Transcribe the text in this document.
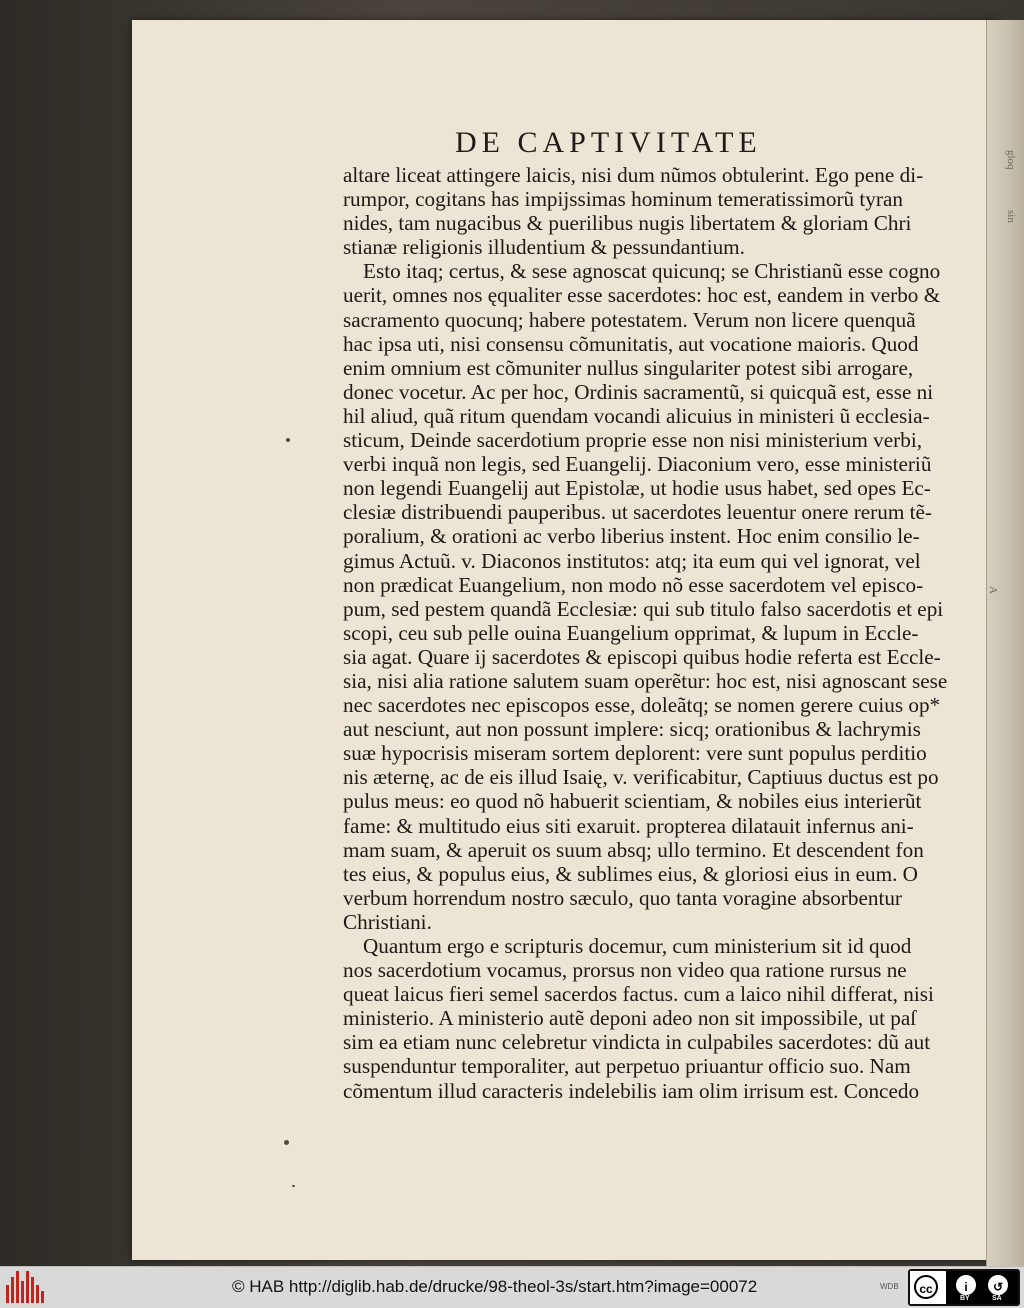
gloq
sin
A
DE CAPTIVITATE
altare liceat attingere laicis, nisi dum nũmos obtulerint. Ego pene di-
rumpor, cogitans has impijssimas hominum temeratissimorũ tyran
nides, tam nugacibus & puerilibus nugis libertatem & gloriam Chri
stianæ religionis illudentium & pessundantium.
Esto itaq; certus, & sese agnoscat quicunq; se Christianũ esse cogno
uerit, omnes nos ęqualiter esse sacerdotes: hoc est, eandem in verbo &
sacramento quocunq; habere potestatem. Verum non licere quenquã
hac ipsa uti, nisi consensu cõmunitatis, aut vocatione maioris. Quod
enim omnium est cõmuniter nullus singulariter potest sibi arrogare,
donec vocetur. Ac per hoc, Ordinis sacramentũ, si quicquã est, esse ni
hil aliud, quã ritum quendam vocandi alicuius in ministeri ũ ecclesia-
sticum, Deinde sacerdotium proprie esse non nisi ministerium verbi,
verbi inquã non legis, sed Euangelij. Diaconium vero, esse ministeriũ
non legendi Euangelij aut Epistolæ, ut hodie usus habet, sed opes Ec-
clesiæ distribuendi pauperibus. ut sacerdotes leuentur onere rerum tẽ-
poralium, & orationi ac verbo liberius instent. Hoc enim consilio le-
gimus Actuũ. v. Diaconos institutos: atq; ita eum qui vel ignorat, vel
non prædicat Euangelium, non modo nõ esse sacerdotem vel episco-
pum, sed pestem quandã Ecclesiæ: qui sub titulo falso sacerdotis et epi
scopi, ceu sub pelle ouina Euangelium opprimat, & lupum in Eccle-
sia agat. Quare ij sacerdotes & episcopi quibus hodie referta est Eccle-
sia, nisi alia ratione salutem suam operẽtur: hoc est, nisi agnoscant sese
nec sacerdotes nec episcopos esse, doleãtq; se nomen gerere cuius op*
aut nesciunt, aut non possunt implere: sicq; orationibus & lachrymis
suæ hypocrisis miseram sortem deplorent: vere sunt populus perditio
nis æternę, ac de eis illud Isaię, v. verificabitur, Captiuus ductus est po
pulus meus: eo quod nõ habuerit scientiam, & nobiles eius interierũt
fame: & multitudo eius siti exaruit. propterea dilatauit infernus ani-
mam suam, & aperuit os suum absq; ullo termino. Et descendent fon
tes eius, & populus eius, & sublimes eius, & gloriosi eius in eum. O
verbum horrendum nostro sæculo, quo tanta voragine absorbentur
Christiani.
Quantum ergo e scripturis docemur, cum ministerium sit id quod
nos sacerdotium vocamus, prorsus non video qua ratione rursus ne
queat laicus fieri semel sacerdos factus. cum a laico nihil differat, nisi
ministerio. A ministerio autẽ deponi adeo non sit impossibile, ut paſ
sim ea etiam nunc celebretur vindicta in culpabiles sacerdotes: dũ aut
suspenduntur temporaliter, aut perpetuo priuantur officio suo. Nam
cõmentum illud caracteris indelebilis iam olim irrisum est. Concedo
© HAB http://diglib.hab.de/drucke/98-theol-3s/start.htm?image=00072	WDB	cc	i	↺
BY	SA
